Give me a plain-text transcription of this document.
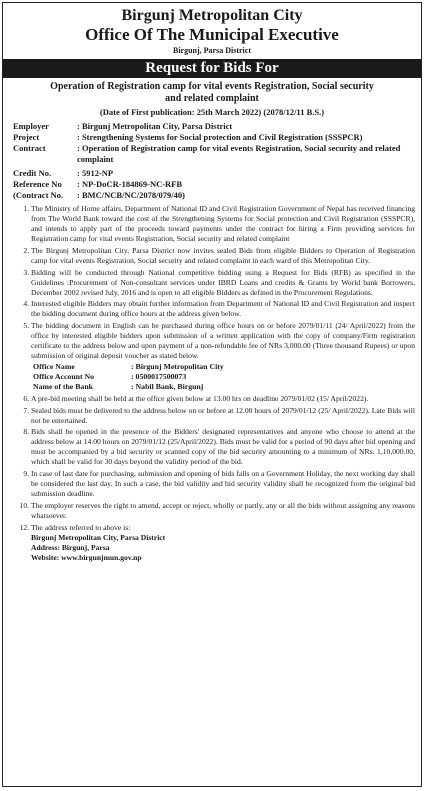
Birgunj Metropolitan City
Office Of The Municipal Executive
Birgunj, Parsa District
Request for Bids For
Operation of Registration camp for vital events Registration, Social security
and related complaint
(Date of First publication: 25th March 2022) (2078/12/11 B.S.)
Employer	: Birgunj Metropolitan City, Parsa District
Project	: Strengthening Systems for Social protection and Civil Registration (SSSPCR)
Contract	: Operation of Registration camp for vital events Registration, Social security and related complaint
Credit No.	: 5912-NP
Reference No	: NP-DoCR-184869-NC-RFB
(Contract No.	: BMC/NCB/NC/2078/079/40)
1. The Ministry of Home affairs, Department of National ID and Civil Registration Government of Nepal has received financing from The World Bank toward the cost of the Strengthening Systems for Social protection and Civil Registration (SSSPCR), and intends to apply part of the proceeds toward payments under the contract for hiring a Firm providing services for Registration camp for vital events Registration, Social security and related complaint
2. The Birgunj Metropolitan City, Parsa District now invites sealed Bids from eligible Bidders to Operation of Registration camp for vital events Registration, Social security and related complaint in each ward of this Metropolitan City.
3. Bidding will be conducted through National competitive bidding using a Request for Bids (RFB) as specified in the Guidelines :Procurement of Non-consultant services under IBRD Loans and credits & Grants by World bank Borrowers, December 2002 revised July, 2016 and is open to all eligible Bidders as defined in the Procurement Regulations.
4. Interested eligible Bidders may obtain further information from Department of National ID and Civil Registration and inspect the bidding document during office hours at the address given below.
5. The bidding document in English can be purchased during office hours on or before 2079/01/11 (24/ April/2022) from the office by interested eligible bidders upon submission of a written application with the copy of company/Firm registration certificate to the address below and upon payment of a non-refundable fee of NRs 3,000.00 (Three thousand Rupees) or upon submission of original deposit voucher as stated below.
Office Name	: Birgunj Metropolitan City
Office Account No	: 0500017500073
Name of the Bank	: Nabil Bank, Birgunj
6. A pre-bid meeting shall be held at the office given below at 13.00 hrs on deadline 2079/01/02 (15/ April/2022).
7. Sealed bids must be delivered to the address below on or before at 12.00 hours of 2079/01/12 (25/ April/2022). Late Bids will not be entertained.
8. Bids shall be opened in the presence of the Bidders' designated representatives and anyone who choose to attend at the address below at 14.00 hours on 2079/01/12 (25/April/2022). Bids must be valid for a period of 90 days after bid opening and must be accompanied by a bid security or scanned copy of the bid security amounting to a minimum of NRs. 1,10,000.00, which shall be valid for 30 days beyond the validity period of the bid.
9. In case of last date for purchasing, submission and opening of bids falls on a Government Holiday, the next working day shall be considered the last day. In such a case, the bid validity and bid security validity shall be recognized from the original bid submission deadline.
10. The employer reserves the right to amend, accept or reject, wholly or partly, any or all the bids without assigning any reasons whatsoever.
12. The address referred to above is:
Birgunj Metropolitan City, Parsa District
Address: Birgunj, Parsa
Website: www.birgunjmun.gov.np
